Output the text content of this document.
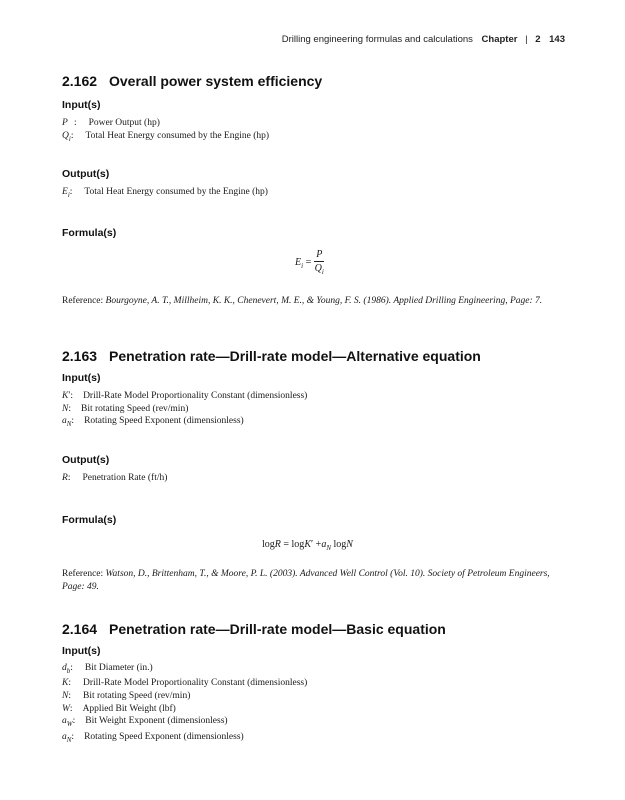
Drilling engineering formulas and calculations Chapter | 2 143
2.162 Overall power system efficiency
Input(s)
P : Power Output (hp)
$Q_i$: Total Heat Energy consumed by the Engine (hp)
Output(s)
$E_i$: Total Heat Energy consumed by the Engine (hp)
Formula(s)
$E_i = \frac{P}{Q_i}$
Reference: Bourgoyne, A. T., Millheim, K. K., Chenevert, M. E., & Young, F. S. (1986). Applied Drilling Engineering, Page: 7.
2.163 Penetration rate—Drill-rate model—Alternative equation
Input(s)
K′: Drill-Rate Model Proportionality Constant (dimensionless)
N: Bit rotating Speed (rev/min)
$a_N$: Rotating Speed Exponent (dimensionless)
Output(s)
R: Penetration Rate (ft/h)
Formula(s)
$\log R = \log K' +a_N$ logN
Reference: Watson, D., Brittenham, T., & Moore, P. L. (2003). Advanced Well Control (Vol. 10). Society of Petroleum Engineers, Page: 49.
2.164 Penetration rate—Drill-rate model—Basic equation
Input(s)
$d_b$: Bit Diameter (in.)
K: Drill-Rate Model Proportionality Constant (dimensionless)
N: Bit rotating Speed (rev/min)
W: Applied Bit Weight (lbf)
$a_W$: Bit Weight Exponent (dimensionless)
$a_N$: Rotating Speed Exponent (dimensionless)
